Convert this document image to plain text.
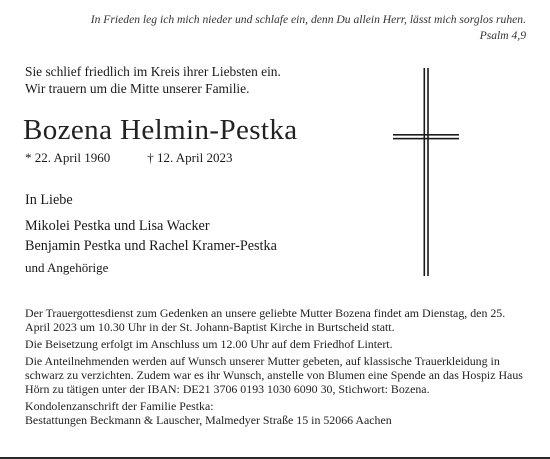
In Frieden leg ich mich nieder und schlafe ein, denn Du allein Herr, lässt mich sorglos ruhen.
Psalm 4,9
Sie schlief friedlich im Kreis ihrer Liebsten ein.
Wir trauern um die Mitte unserer Familie.
Bozena Helmin-Pestka
* 22. April 1960	† 12. April 2023
In Liebe
Mikolei Pestka und Lisa Wacker
Benjamin Pestka und Rachel Kramer-Pestka
und Angehörige

Der Trauergottesdienst zum Gedenken an unsere geliebte Mutter Bozena findet am Dienstag, den 25. April 2023 um 10.30 Uhr in der St. Johann-Baptist Kirche in Burtscheid statt.

Die Beisetzung erfolgt im Anschluss um 12.00 Uhr auf dem Friedhof Lintert.

Die Anteilnehmenden werden auf Wunsch unserer Mutter gebeten, auf klassische Trauerkleidung in schwarz zu verzichten. Zudem war es ihr Wunsch, anstelle von Blumen eine Spende an das Hospiz Haus Hörn zu tätigen unter der IBAN: DE21 3706 0193 1030 6090 30, Stichwort: Bozena.

Kondolenzanschrift der Familie Pestka:

Bestattungen Beckmann & Lauscher, Malmedyer Straße 15 in 52066 Aachen
